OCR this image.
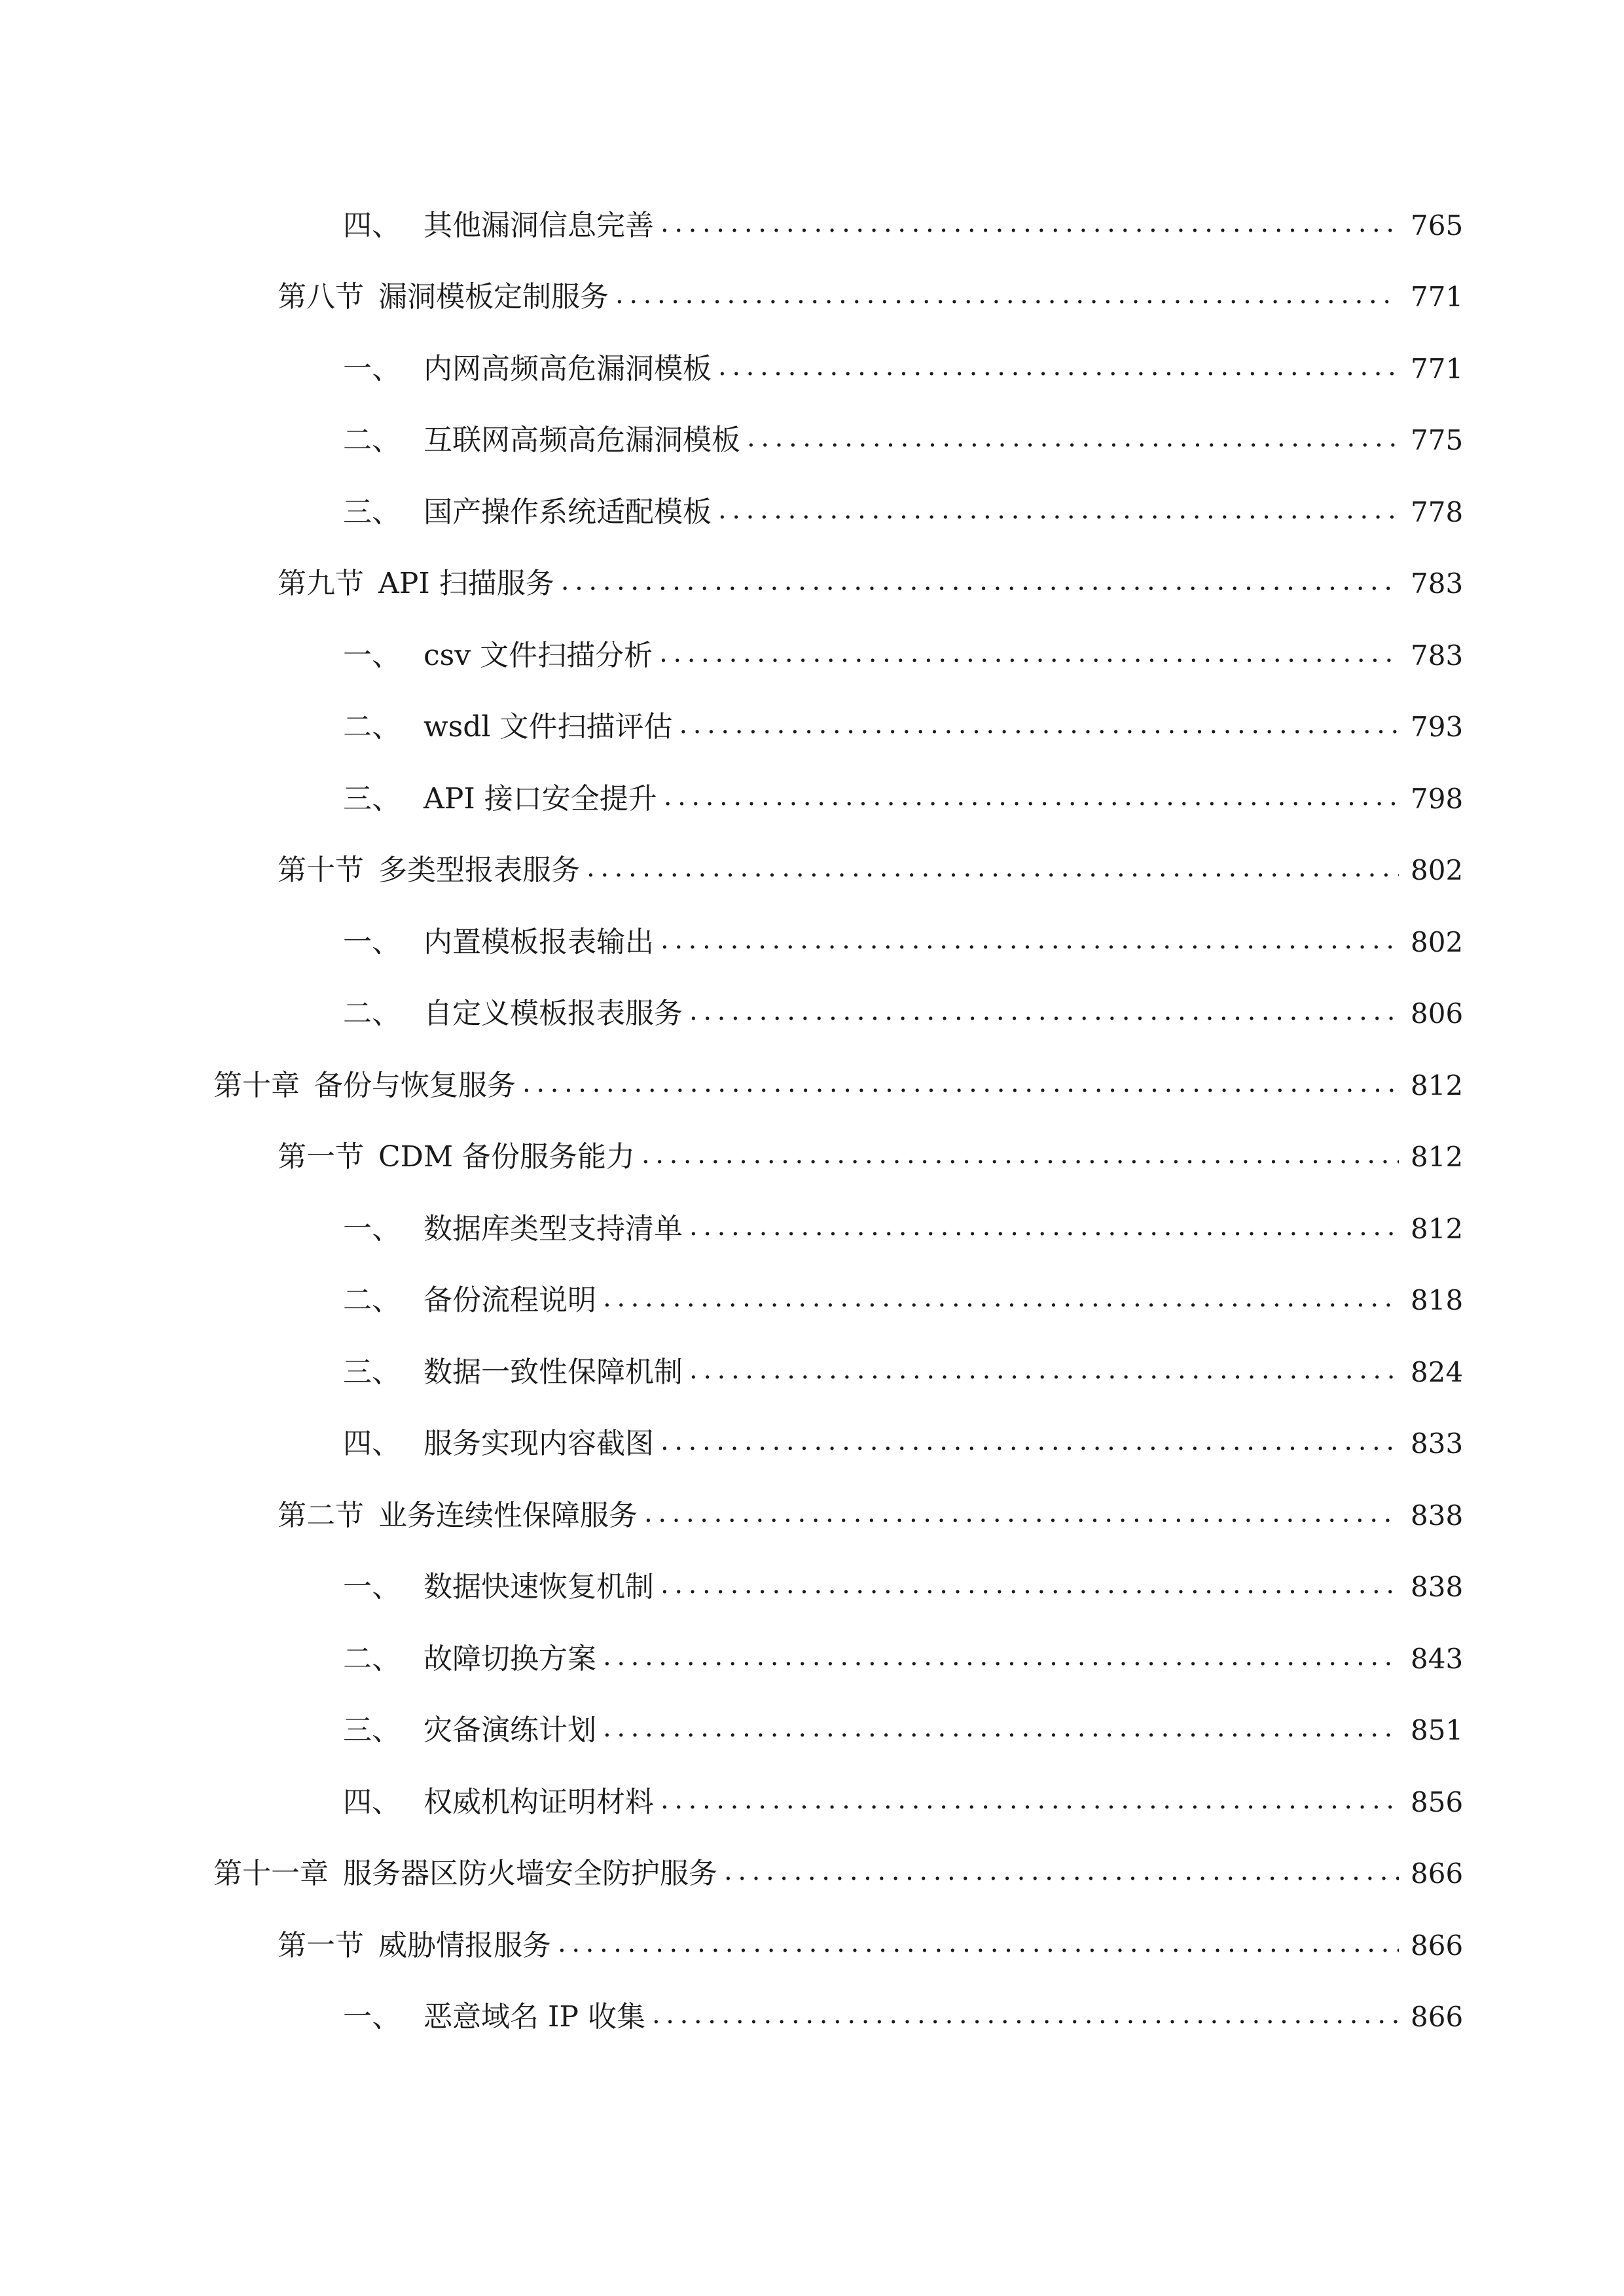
四、 其他漏洞信息完善 .....	765
第八节 漏洞模板定制服务 .....	771
一、 内网高频高危漏洞模板 .....	771
二、 互联网高频高危漏洞模板 .....	775
三、 国产操作系统适配模板 .....	778
第九节 API 扫描服务 .....	783
一、 csv 文件扫描分析 .....	783
二、 wsdl 文件扫描评估 .....	793
三、 API 接口安全提升 .....	798
第十节 多类型报表服务 .....	802
一、 内置模板报表输出 .....	802
二、 自定义模板报表服务 .....	806
第十章 备份与恢复服务 .....	812
第一节 CDM 备份服务能力 .....	812
一、 数据库类型支持清单 .....	812
二、 备份流程说明 .....	818
三、 数据一致性保障机制 .....	824
四、 服务实现内容截图 .....	833
第二节 业务连续性保障服务 .....	838
一、 数据快速恢复机制 .....	838
二、 故障切换方案 .....	843
三、 灾备演练计划 .....	851
四、 权威机构证明材料 .....	856
第十一章 服务器区防火墙安全防护服务 .....	866
第一节 威胁情报服务 .....	866
一、 恶意域名 IP 收集 .....	866
